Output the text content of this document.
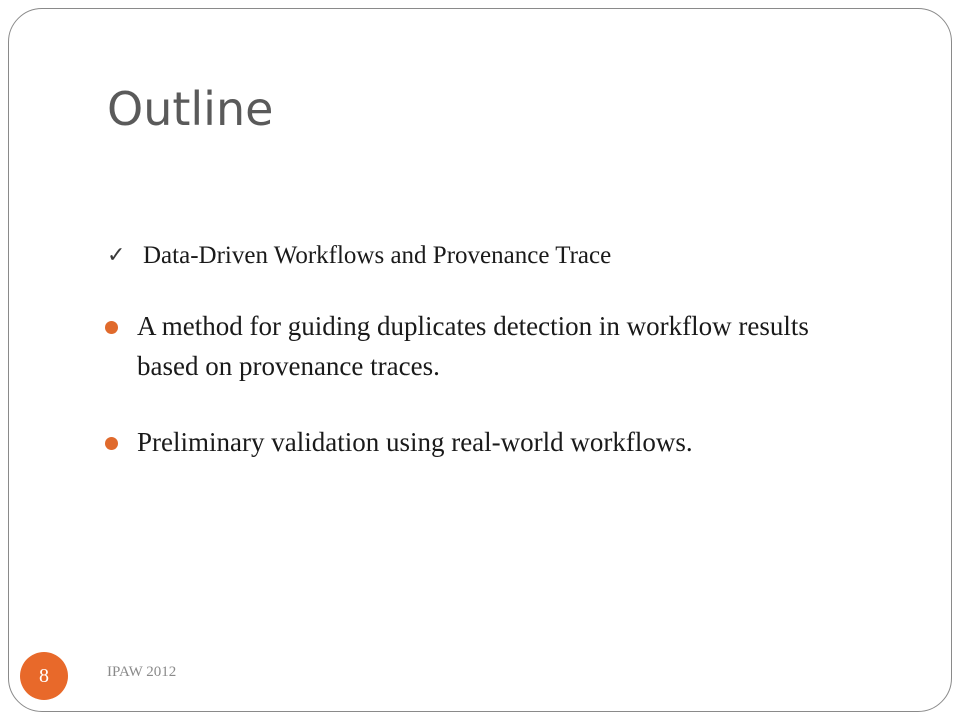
Outline
✓ Data-Driven Workflows and Provenance Trace
A method for guiding duplicates detection in workflow results based on provenance traces.
Preliminary validation using real-world workflows.
8	IPAW 2012
